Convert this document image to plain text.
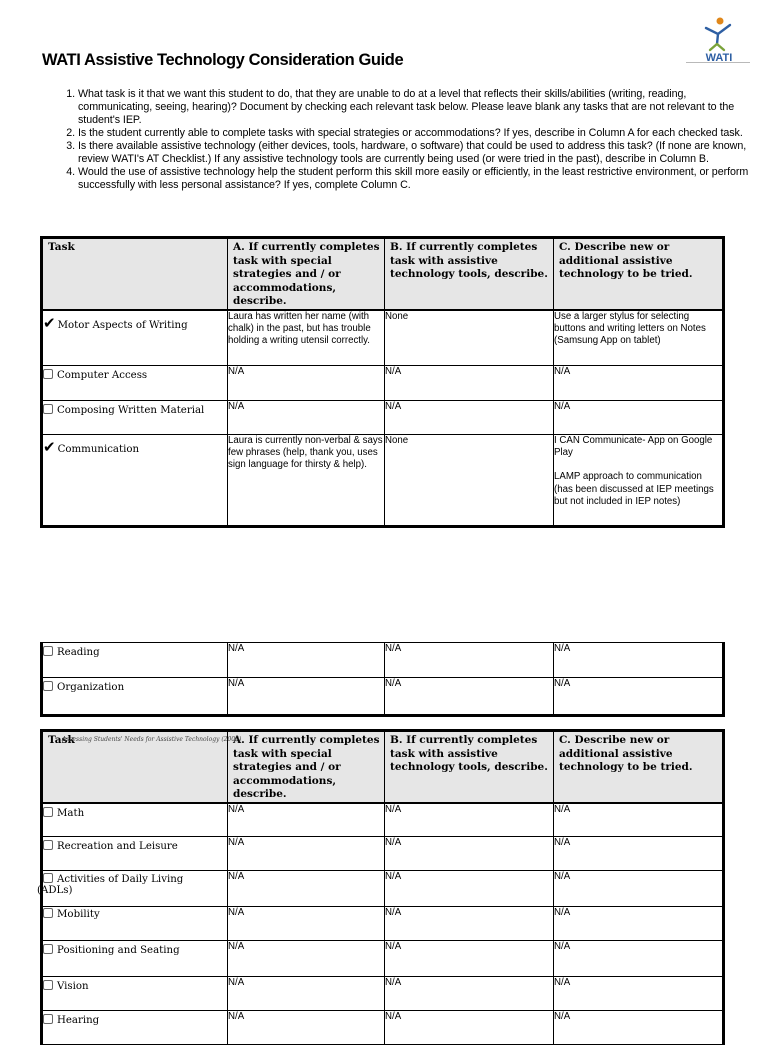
WATI
WATI Assistive Technology Consideration Guide
1. What task is it that we want this student to do, that they are unable to do at a level that reflects their skills/abilities (writing, reading, communicating, seeing, hearing)? Document by checking each relevant task below. Please leave blank any tasks that are not relevant to the student's IEP.
2. Is the student currently able to complete tasks with special strategies or accommodations? If yes, describe in Column A for each checked task.
3. Is there available assistive technology (either devices, tools, hardware, o software) that could be used to address this task? (If none are known, review WATI's AT Checklist.) If any assistive technology tools are currently being used (or were tried in the past), describe in Column B.
4. Would the use of assistive technology help the student perform this skill more easily or efficiently, in the least restrictive environment, or perform successfully with less personal assistance? If yes, complete Column C.
Task	A. If currently completes task with special strategies and / or accommodations, describe.	B. If currently completes task with assistive technology tools, describe.	C. Describe new or additional assistive technology to be tried.

✔ Motor Aspects of Writing	Laura has written her name (with chalk) in the past, but has trouble holding a writing utensil correctly.	None	Use a larger stylus for selecting buttons and writing letters on Notes (Samsung App on tablet)

Computer Access	N/A	N/A	N/A

Composing Written Material	N/A	N/A	N/A

✔ Communication	Laura is currently non-verbal & says few phrases (help, thank you, uses sign language for thirsty & help).	None	I CAN Communicate- App on Google Play
LAMP approach to communication (has been discussed at IEP meetings but not included in IEP notes)
Reading	N/A	N/A	N/A

Organization	N/A	N/A	N/A
Task	A. If currently completes task with special strategies and / or accommodations, describe.	B. If currently completes task with assistive technology tools, describe.	C. Describe new or additional assistive technology to be tried.

Math	N/A	N/A	N/A

Recreation and Leisure	N/A	N/A	N/A

Activities of Daily Living
(ADLs)	N/A	N/A	N/A

Mobility	N/A	N/A	N/A

Positioning and Seating	N/A	N/A	N/A

Vision	N/A	N/A	N/A

Hearing	N/A	N/A	N/A
Assessing Students' Needs for Assistive Technology (2009)
